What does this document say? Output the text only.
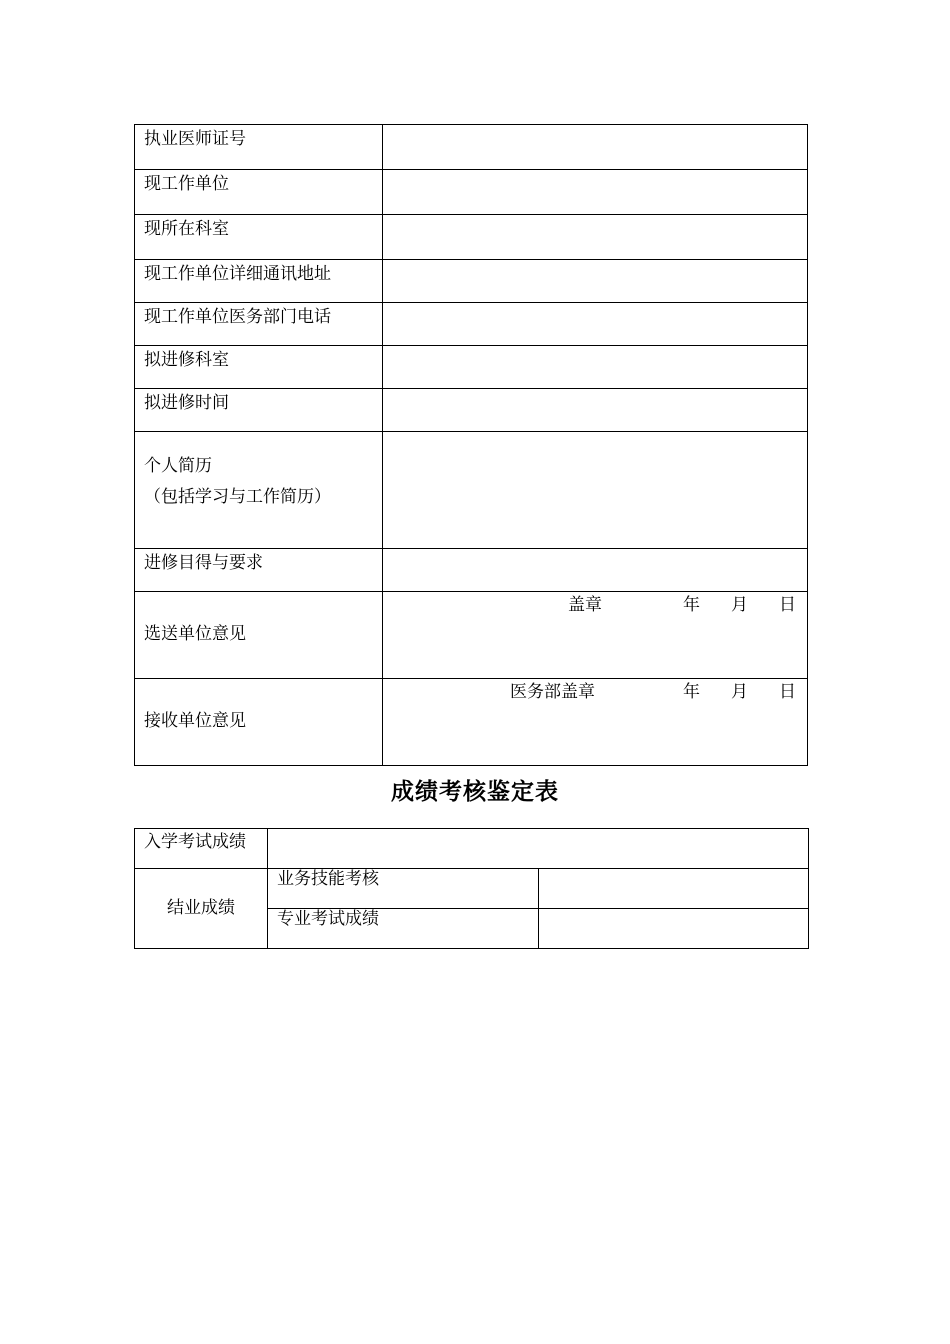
执业医师证号	
现工作单位	
现所在科室	
现工作单位详细通讯地址	
现工作单位医务部门电话	
拟进修科室	
拟进修时间	
个人简历
（包括学习与工作简历）	

进修目得与要求	
选送单位意见	盖章 年 月 日

接收单位意见	医务部盖章 年 月 日
成绩考核鉴定表
入学考试成绩		
结业成绩	业务技能考核	
	专业考试成绩	
